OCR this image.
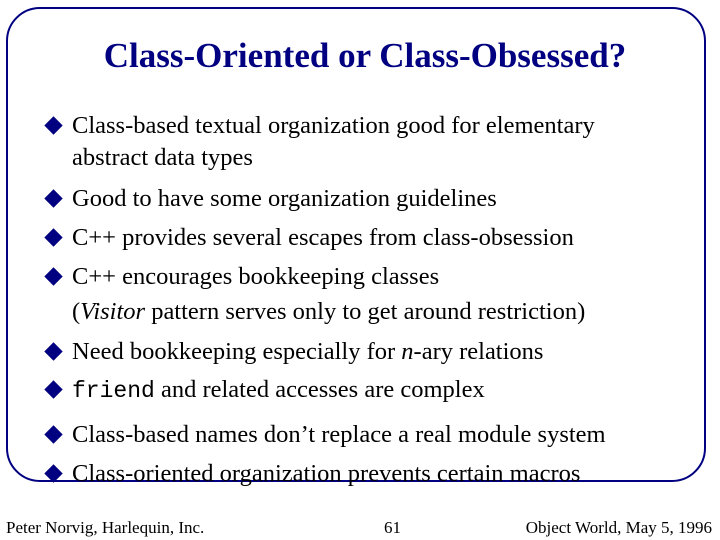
Class-Oriented or Class-Obsessed?
Class-based textual organization good for elementary
abstract data types
Good to have some organization guidelines
C++ provides several escapes from class-obsession
C++ encourages bookkeeping classes
(Visitor pattern serves only to get around restriction)
Need bookkeeping especially for n-ary relations
friend and related accesses are complex
Class-based names don’t replace a real module system
Class-oriented organization prevents certain macros
Peter Norvig, Harlequin, Inc.	61	Object World, May 5, 1996
